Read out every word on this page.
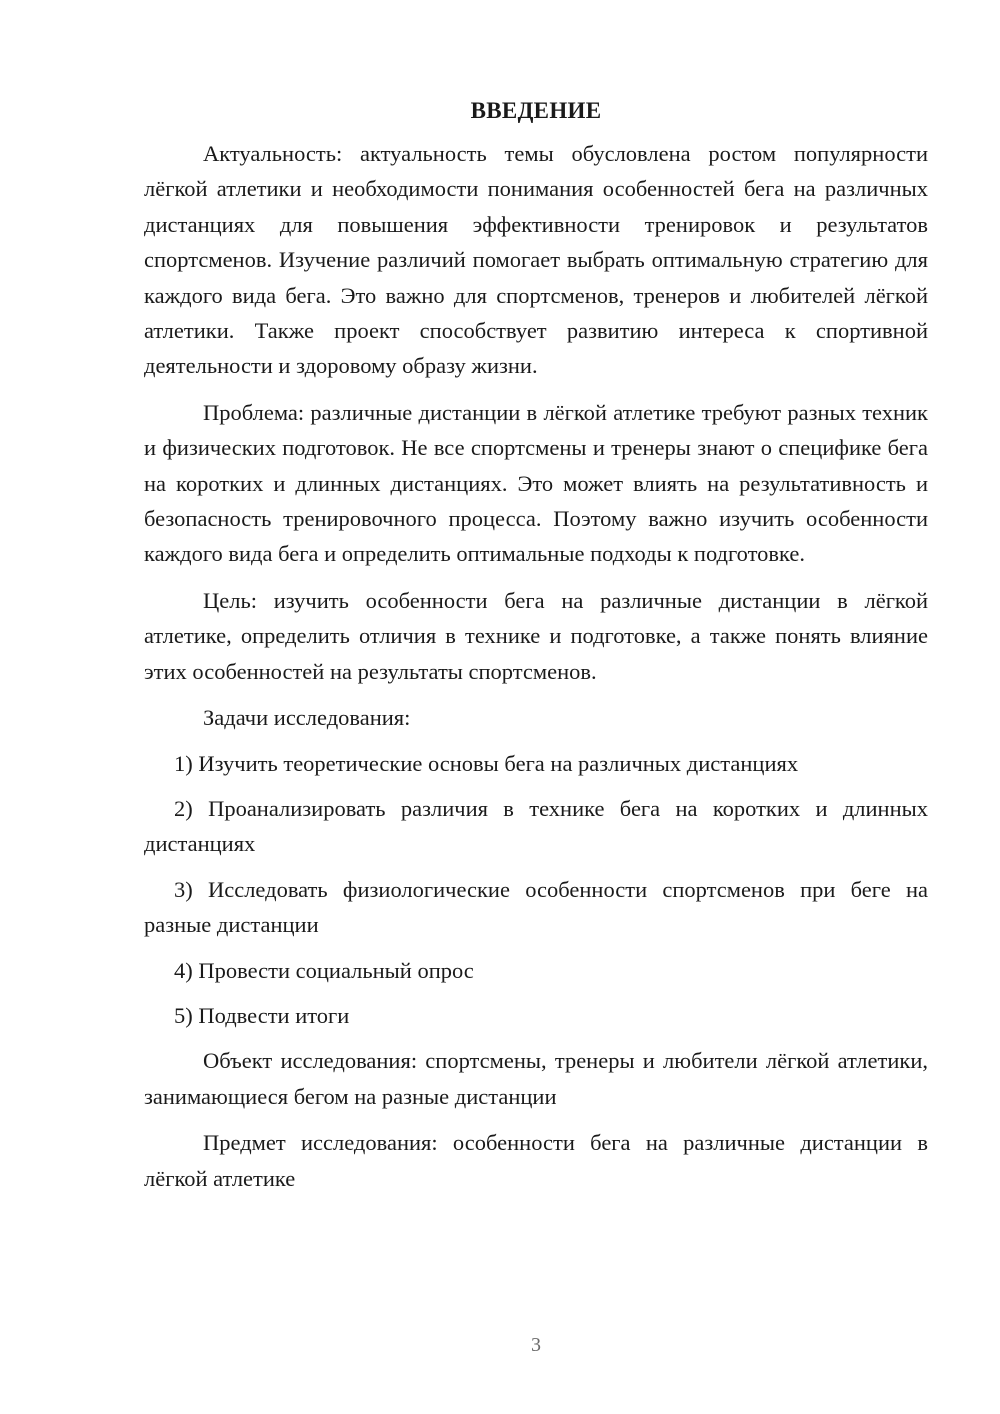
ВВЕДЕНИЕ

Актуальность: актуальность темы обусловлена ростом популярности лёгкой атлетики и необходимости понимания особенностей бега на различных дистанциях для повышения эффективности тренировок и результатов спортсменов. Изучение различий помогает выбрать оптимальную стратегию для каждого вида бега. Это важно для спортсменов, тренеров и любителей лёгкой атлетики. Также проект способствует развитию интереса к спортивной деятельности и здоровому образу жизни.

Проблема: различные дистанции в лёгкой атлетике требуют разных техник и физических подготовок. Не все спортсмены и тренеры знают о специфике бега на коротких и длинных дистанциях. Это может влиять на результативность и безопасность тренировочного процесса. Поэтому важно изучить особенности каждого вида бега и определить оптимальные подходы к подготовке.

Цель: изучить особенности бега на различные дистанции в лёгкой атлетике, определить отличия в технике и подготовке, а также понять влияние этих особенностей на результаты спортсменов.

Задачи исследования:

1) Изучить теоретические основы бега на различных дистанциях

2) Проанализировать различия в технике бега на коротких и длинных дистанциях

3) Исследовать физиологические особенности спортсменов при беге на разные дистанции

4) Провести социальный опрос

5) Подвести итоги

Объект исследования: спортсмены, тренеры и любители лёгкой атлетики, занимающиеся бегом на разные дистанции

Предмет исследования: особенности бега на различные дистанции в лёгкой атлетике

3
